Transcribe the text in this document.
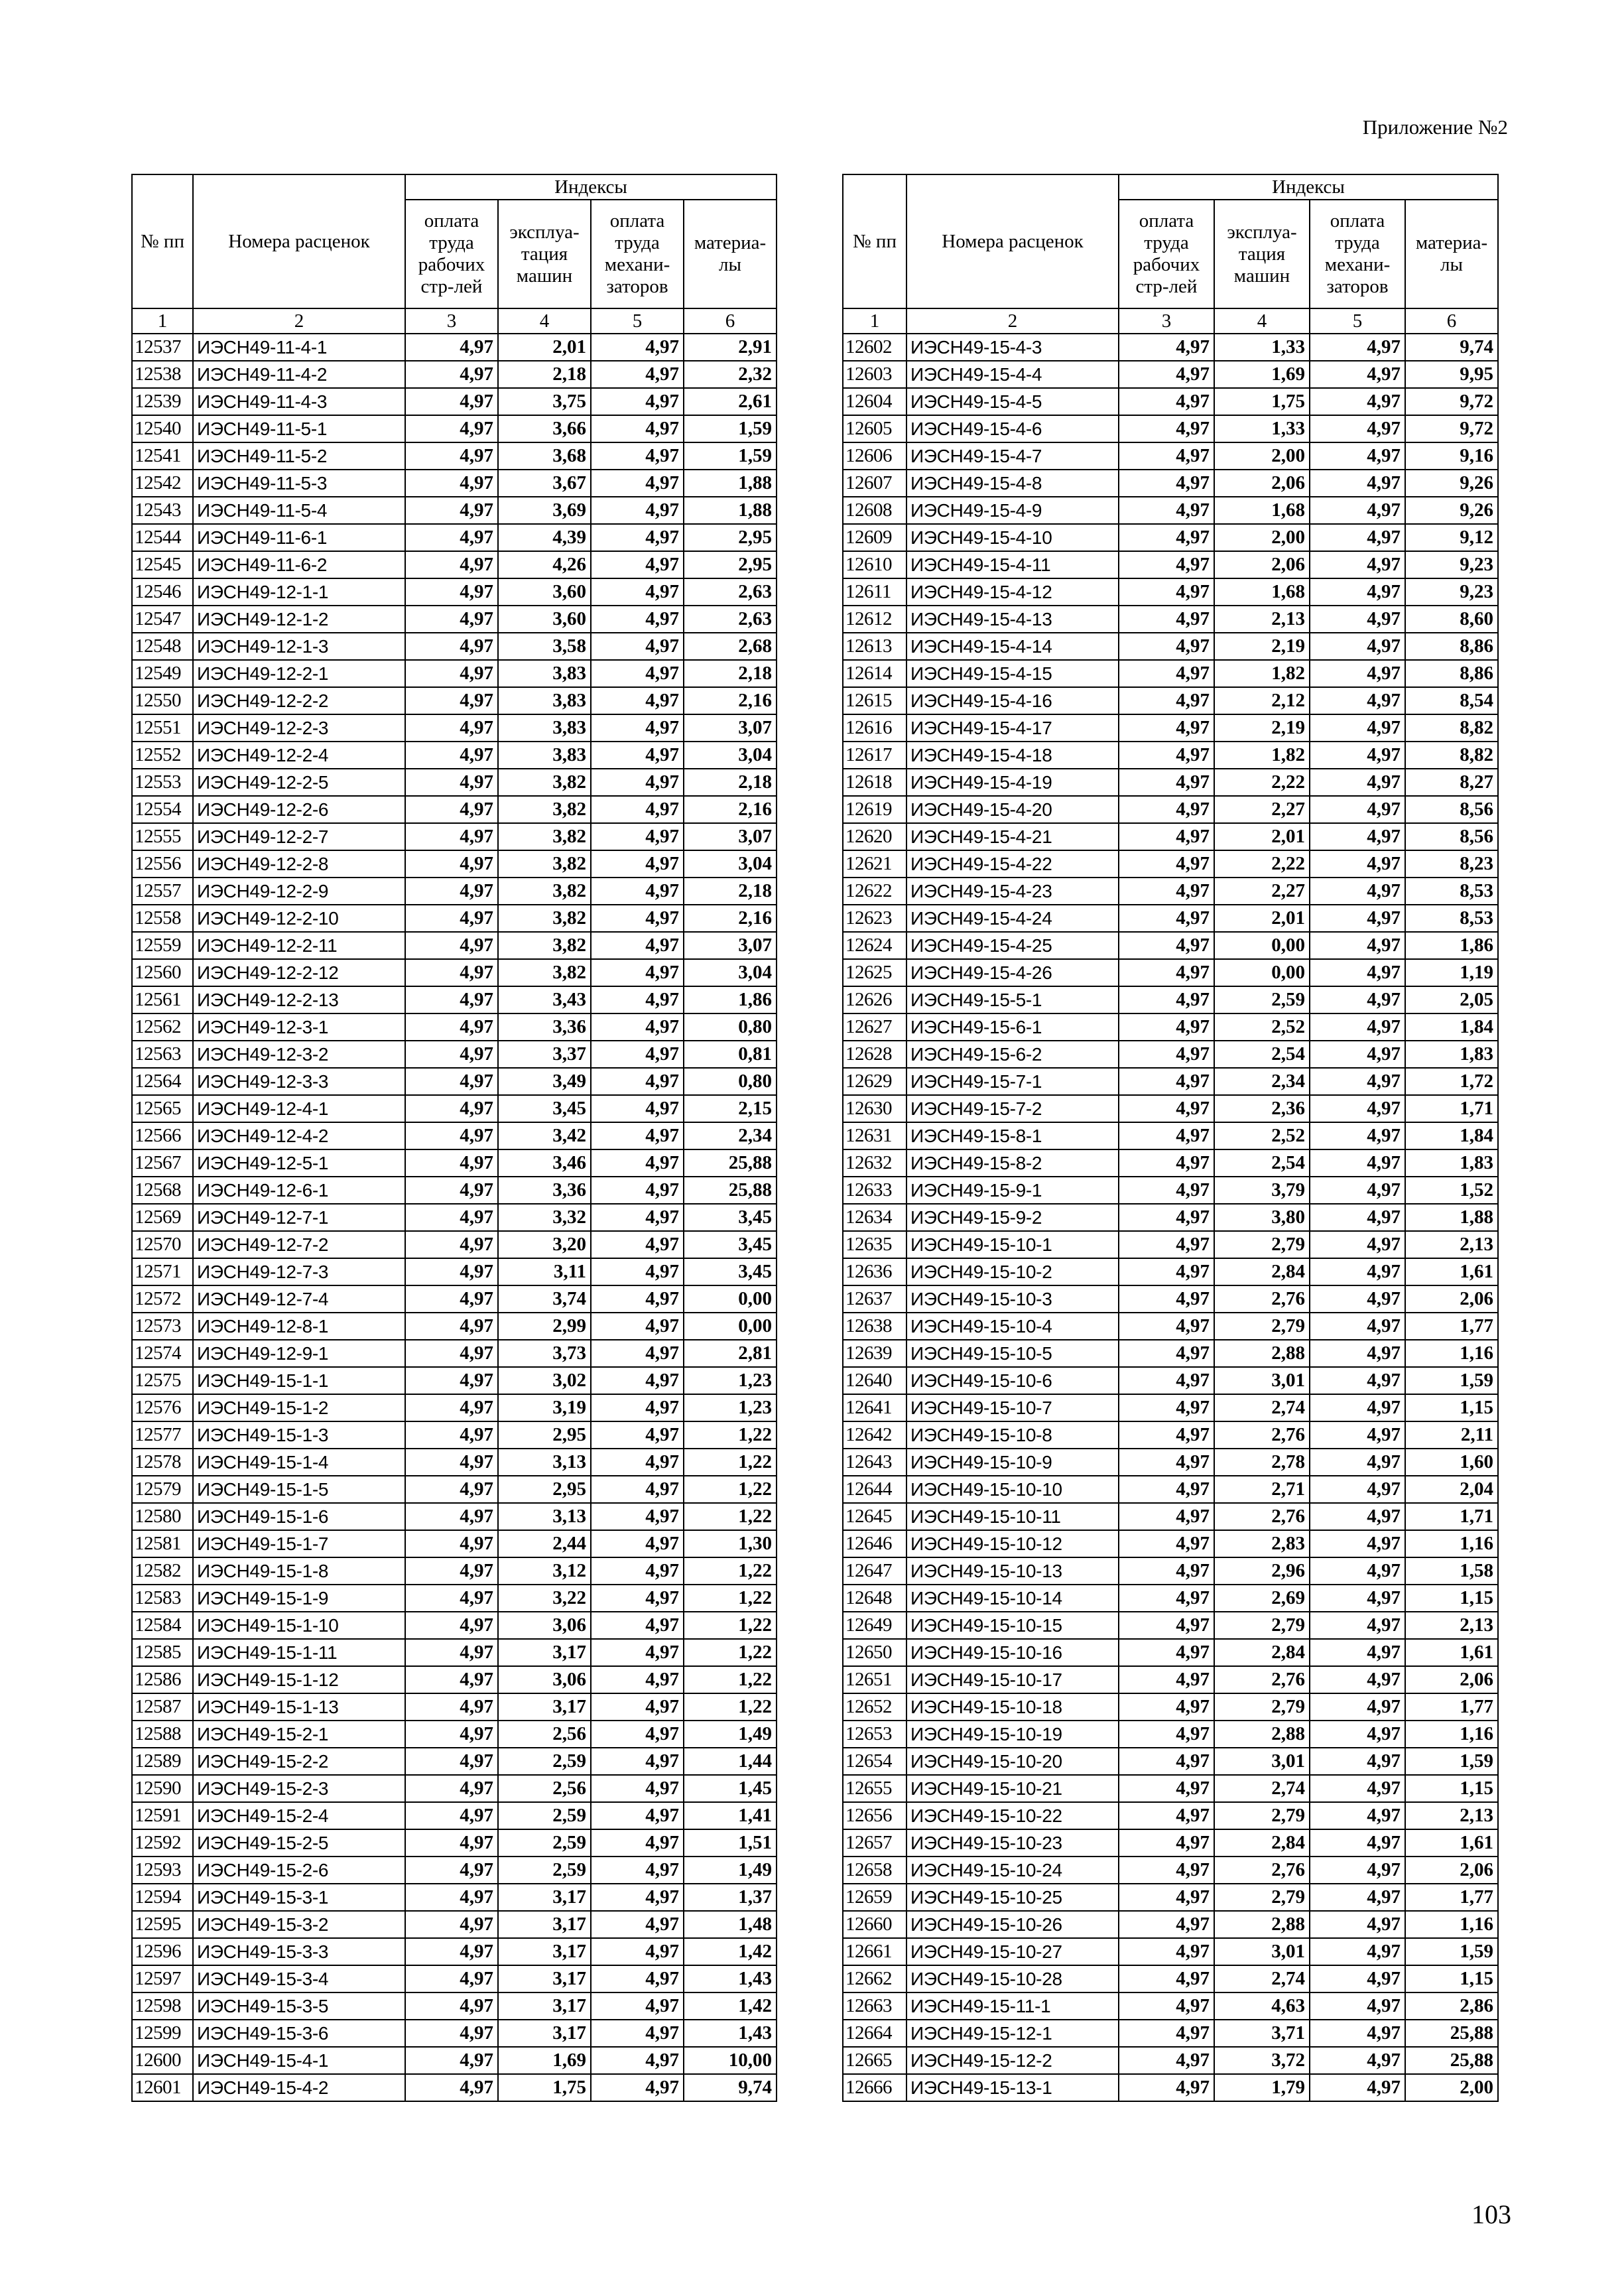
Приложение №2
№ пп	Номера расценок	Индексы			

		оплата труда рабочих стр-лей	эксплуа-тация машин	оплата труда механи-заторов	материа-лы

1	2	3	4	5	6
12537	ИЭСН49-11-4-1	4,97	2,01	4,97	2,91
12538	ИЭСН49-11-4-2	4,97	2,18	4,97	2,32
12539	ИЭСН49-11-4-3	4,97	3,75	4,97	2,61
12540	ИЭСН49-11-5-1	4,97	3,66	4,97	1,59
12541	ИЭСН49-11-5-2	4,97	3,68	4,97	1,59
12542	ИЭСН49-11-5-3	4,97	3,67	4,97	1,88
12543	ИЭСН49-11-5-4	4,97	3,69	4,97	1,88
12544	ИЭСН49-11-6-1	4,97	4,39	4,97	2,95
12545	ИЭСН49-11-6-2	4,97	4,26	4,97	2,95
12546	ИЭСН49-12-1-1	4,97	3,60	4,97	2,63
12547	ИЭСН49-12-1-2	4,97	3,60	4,97	2,63
12548	ИЭСН49-12-1-3	4,97	3,58	4,97	2,68
12549	ИЭСН49-12-2-1	4,97	3,83	4,97	2,18
12550	ИЭСН49-12-2-2	4,97	3,83	4,97	2,16
12551	ИЭСН49-12-2-3	4,97	3,83	4,97	3,07
12552	ИЭСН49-12-2-4	4,97	3,83	4,97	3,04
12553	ИЭСН49-12-2-5	4,97	3,82	4,97	2,18
12554	ИЭСН49-12-2-6	4,97	3,82	4,97	2,16
12555	ИЭСН49-12-2-7	4,97	3,82	4,97	3,07
12556	ИЭСН49-12-2-8	4,97	3,82	4,97	3,04
12557	ИЭСН49-12-2-9	4,97	3,82	4,97	2,18
12558	ИЭСН49-12-2-10	4,97	3,82	4,97	2,16
12559	ИЭСН49-12-2-11	4,97	3,82	4,97	3,07
12560	ИЭСН49-12-2-12	4,97	3,82	4,97	3,04
12561	ИЭСН49-12-2-13	4,97	3,43	4,97	1,86
12562	ИЭСН49-12-3-1	4,97	3,36	4,97	0,80
12563	ИЭСН49-12-3-2	4,97	3,37	4,97	0,81
12564	ИЭСН49-12-3-3	4,97	3,49	4,97	0,80
12565	ИЭСН49-12-4-1	4,97	3,45	4,97	2,15
12566	ИЭСН49-12-4-2	4,97	3,42	4,97	2,34
12567	ИЭСН49-12-5-1	4,97	3,46	4,97	25,88
12568	ИЭСН49-12-6-1	4,97	3,36	4,97	25,88
12569	ИЭСН49-12-7-1	4,97	3,32	4,97	3,45
12570	ИЭСН49-12-7-2	4,97	3,20	4,97	3,45
12571	ИЭСН49-12-7-3	4,97	3,11	4,97	3,45
12572	ИЭСН49-12-7-4	4,97	3,74	4,97	0,00
12573	ИЭСН49-12-8-1	4,97	2,99	4,97	0,00
12574	ИЭСН49-12-9-1	4,97	3,73	4,97	2,81
12575	ИЭСН49-15-1-1	4,97	3,02	4,97	1,23
12576	ИЭСН49-15-1-2	4,97	3,19	4,97	1,23
12577	ИЭСН49-15-1-3	4,97	2,95	4,97	1,22
12578	ИЭСН49-15-1-4	4,97	3,13	4,97	1,22
12579	ИЭСН49-15-1-5	4,97	2,95	4,97	1,22
12580	ИЭСН49-15-1-6	4,97	3,13	4,97	1,22
12581	ИЭСН49-15-1-7	4,97	2,44	4,97	1,30
12582	ИЭСН49-15-1-8	4,97	3,12	4,97	1,22
12583	ИЭСН49-15-1-9	4,97	3,22	4,97	1,22
12584	ИЭСН49-15-1-10	4,97	3,06	4,97	1,22
12585	ИЭСН49-15-1-11	4,97	3,17	4,97	1,22
12586	ИЭСН49-15-1-12	4,97	3,06	4,97	1,22
12587	ИЭСН49-15-1-13	4,97	3,17	4,97	1,22
12588	ИЭСН49-15-2-1	4,97	2,56	4,97	1,49
12589	ИЭСН49-15-2-2	4,97	2,59	4,97	1,44
12590	ИЭСН49-15-2-3	4,97	2,56	4,97	1,45
12591	ИЭСН49-15-2-4	4,97	2,59	4,97	1,41
12592	ИЭСН49-15-2-5	4,97	2,59	4,97	1,51
12593	ИЭСН49-15-2-6	4,97	2,59	4,97	1,49
12594	ИЭСН49-15-3-1	4,97	3,17	4,97	1,37
12595	ИЭСН49-15-3-2	4,97	3,17	4,97	1,48
12596	ИЭСН49-15-3-3	4,97	3,17	4,97	1,42
12597	ИЭСН49-15-3-4	4,97	3,17	4,97	1,43
12598	ИЭСН49-15-3-5	4,97	3,17	4,97	1,42
12599	ИЭСН49-15-3-6	4,97	3,17	4,97	1,43
12600	ИЭСН49-15-4-1	4,97	1,69	4,97	10,00
12601	ИЭСН49-15-4-2	4,97	1,75	4,97	9,74
№ пп	Номера расценок	Индексы			

		оплата труда рабочих стр-лей	эксплуа-тация машин	оплата труда механи-заторов	материа-лы

1	2	3	4	5	6
12602	ИЭСН49-15-4-3	4,97	1,33	4,97	9,74
12603	ИЭСН49-15-4-4	4,97	1,69	4,97	9,95
12604	ИЭСН49-15-4-5	4,97	1,75	4,97	9,72
12605	ИЭСН49-15-4-6	4,97	1,33	4,97	9,72
12606	ИЭСН49-15-4-7	4,97	2,00	4,97	9,16
12607	ИЭСН49-15-4-8	4,97	2,06	4,97	9,26
12608	ИЭСН49-15-4-9	4,97	1,68	4,97	9,26
12609	ИЭСН49-15-4-10	4,97	2,00	4,97	9,12
12610	ИЭСН49-15-4-11	4,97	2,06	4,97	9,23
12611	ИЭСН49-15-4-12	4,97	1,68	4,97	9,23
12612	ИЭСН49-15-4-13	4,97	2,13	4,97	8,60
12613	ИЭСН49-15-4-14	4,97	2,19	4,97	8,86
12614	ИЭСН49-15-4-15	4,97	1,82	4,97	8,86
12615	ИЭСН49-15-4-16	4,97	2,12	4,97	8,54
12616	ИЭСН49-15-4-17	4,97	2,19	4,97	8,82
12617	ИЭСН49-15-4-18	4,97	1,82	4,97	8,82
12618	ИЭСН49-15-4-19	4,97	2,22	4,97	8,27
12619	ИЭСН49-15-4-20	4,97	2,27	4,97	8,56
12620	ИЭСН49-15-4-21	4,97	2,01	4,97	8,56
12621	ИЭСН49-15-4-22	4,97	2,22	4,97	8,23
12622	ИЭСН49-15-4-23	4,97	2,27	4,97	8,53
12623	ИЭСН49-15-4-24	4,97	2,01	4,97	8,53
12624	ИЭСН49-15-4-25	4,97	0,00	4,97	1,86
12625	ИЭСН49-15-4-26	4,97	0,00	4,97	1,19
12626	ИЭСН49-15-5-1	4,97	2,59	4,97	2,05
12627	ИЭСН49-15-6-1	4,97	2,52	4,97	1,84
12628	ИЭСН49-15-6-2	4,97	2,54	4,97	1,83
12629	ИЭСН49-15-7-1	4,97	2,34	4,97	1,72
12630	ИЭСН49-15-7-2	4,97	2,36	4,97	1,71
12631	ИЭСН49-15-8-1	4,97	2,52	4,97	1,84
12632	ИЭСН49-15-8-2	4,97	2,54	4,97	1,83
12633	ИЭСН49-15-9-1	4,97	3,79	4,97	1,52
12634	ИЭСН49-15-9-2	4,97	3,80	4,97	1,88
12635	ИЭСН49-15-10-1	4,97	2,79	4,97	2,13
12636	ИЭСН49-15-10-2	4,97	2,84	4,97	1,61
12637	ИЭСН49-15-10-3	4,97	2,76	4,97	2,06
12638	ИЭСН49-15-10-4	4,97	2,79	4,97	1,77
12639	ИЭСН49-15-10-5	4,97	2,88	4,97	1,16
12640	ИЭСН49-15-10-6	4,97	3,01	4,97	1,59
12641	ИЭСН49-15-10-7	4,97	2,74	4,97	1,15
12642	ИЭСН49-15-10-8	4,97	2,76	4,97	2,11
12643	ИЭСН49-15-10-9	4,97	2,78	4,97	1,60
12644	ИЭСН49-15-10-10	4,97	2,71	4,97	2,04
12645	ИЭСН49-15-10-11	4,97	2,76	4,97	1,71
12646	ИЭСН49-15-10-12	4,97	2,83	4,97	1,16
12647	ИЭСН49-15-10-13	4,97	2,96	4,97	1,58
12648	ИЭСН49-15-10-14	4,97	2,69	4,97	1,15
12649	ИЭСН49-15-10-15	4,97	2,79	4,97	2,13
12650	ИЭСН49-15-10-16	4,97	2,84	4,97	1,61
12651	ИЭСН49-15-10-17	4,97	2,76	4,97	2,06
12652	ИЭСН49-15-10-18	4,97	2,79	4,97	1,77
12653	ИЭСН49-15-10-19	4,97	2,88	4,97	1,16
12654	ИЭСН49-15-10-20	4,97	3,01	4,97	1,59
12655	ИЭСН49-15-10-21	4,97	2,74	4,97	1,15
12656	ИЭСН49-15-10-22	4,97	2,79	4,97	2,13
12657	ИЭСН49-15-10-23	4,97	2,84	4,97	1,61
12658	ИЭСН49-15-10-24	4,97	2,76	4,97	2,06
12659	ИЭСН49-15-10-25	4,97	2,79	4,97	1,77
12660	ИЭСН49-15-10-26	4,97	2,88	4,97	1,16
12661	ИЭСН49-15-10-27	4,97	3,01	4,97	1,59
12662	ИЭСН49-15-10-28	4,97	2,74	4,97	1,15
12663	ИЭСН49-15-11-1	4,97	4,63	4,97	2,86
12664	ИЭСН49-15-12-1	4,97	3,71	4,97	25,88
12665	ИЭСН49-15-12-2	4,97	3,72	4,97	25,88
12666	ИЭСН49-15-13-1	4,97	1,79	4,97	2,00
103
